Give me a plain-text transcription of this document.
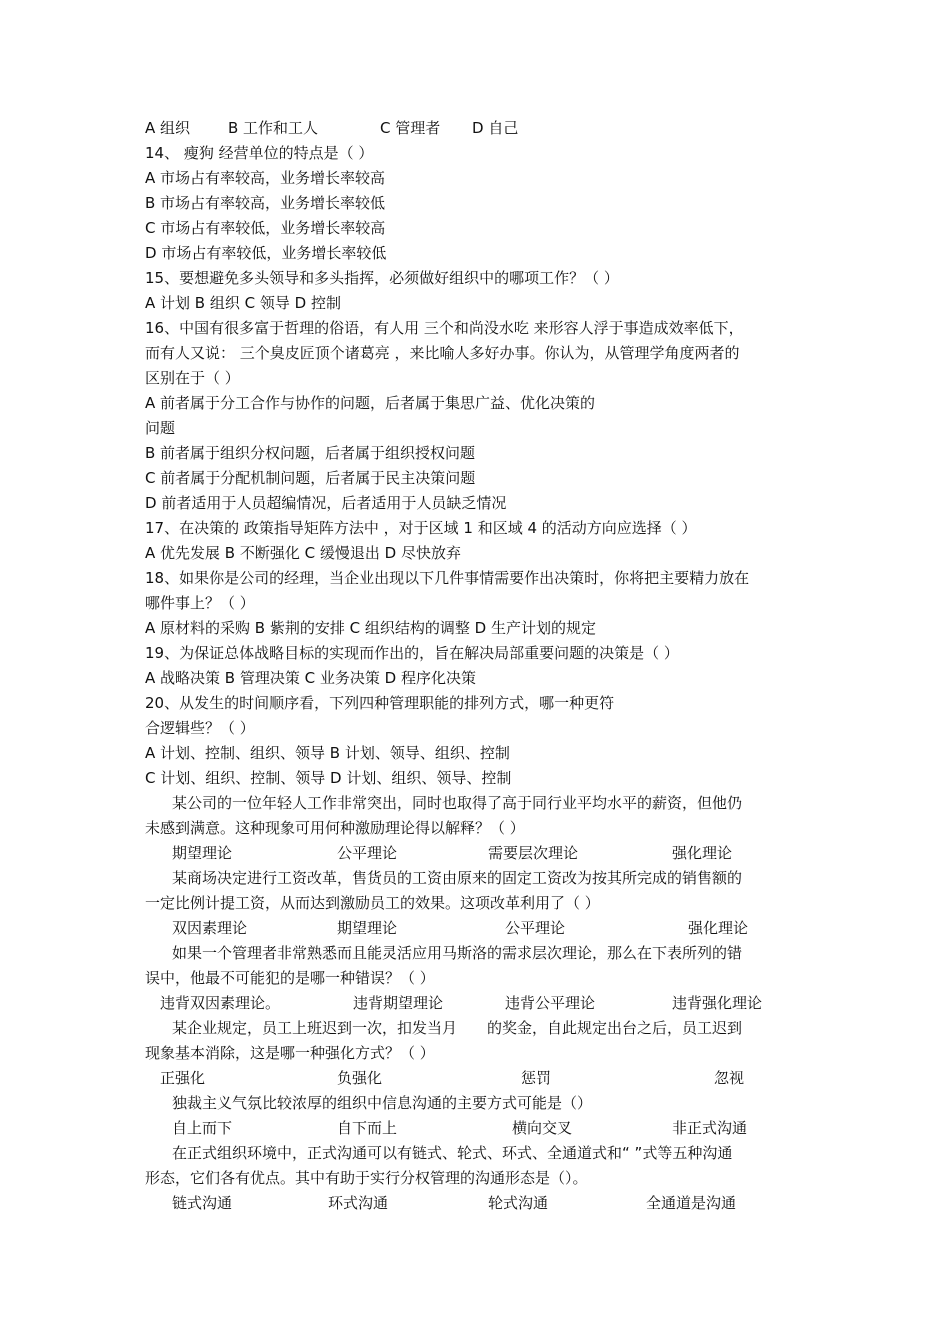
A 组织	B 工作和工人	C 管理者 D 自己
14、 瘦狗 经营单位的特点是（ ）
A 市场占有率较高，业务增长率较高
B 市场占有率较高，业务增长率较低
C 市场占有率较低，业务增长率较高
D 市场占有率较低，业务增长率较低
15、要想避免多头领导和多头指挥，必须做好组织中的哪项工作？（ ）
A 计划 B 组织 C 领导 D 控制
16、中国有很多富于哲理的俗语，有人用 三个和尚没水吃 来形容人浮于事造成效率低下，
而有人又说： 三个臭皮匠顶个诸葛亮 ，来比喻人多好办事。你认为，从管理学角度两者的
区别在于（ ）
A 前者属于分工合作与协作的问题，后者属于集思广益、优化决策的
问题
B 前者属于组织分权问题，后者属于组织授权问题
C 前者属于分配机制问题，后者属于民主决策问题
D 前者适用于人员超编情况，后者适用于人员缺乏情况
17、在决策的 政策指导矩阵方法中 ，对于区域 1 和区域 4 的活动方向应选择（ ）
A 优先发展 B 不断强化 C 缓慢退出 D 尽快放弃
18、如果你是公司的经理，当企业出现以下几件事情需要作出决策时，你将把主要精力放在
哪件事上？（ ）
A 原材料的采购 B 紫荆的安排 C 组织结构的调整 D 生产计划的规定
19、为保证总体战略目标的实现而作出的，旨在解决局部重要问题的决策是（ ）
A 战略决策 B 管理决策 C 业务决策 D 程序化决策
20、从发生的时间顺序看，下列四种管理职能的排列方式，哪一种更符
合逻辑些？（ ）
A 计划、控制、组织、领导 B 计划、领导、组织、控制
C 计划、组织、控制、领导 D 计划、组织、领导、控制
某公司的一位年轻人工作非常突出，同时也取得了高于同行业平均水平的薪资，但他仍
未感到满意。这种现象可用何种激励理论得以解释？（ ）
期望理论	公平理论	需要层次理论	强化理论
某商场决定进行工资改革，售货员的工资由原来的固定工资改为按其所完成的销售额的
一定比例计提工资，从而达到激励员工的效果。这项改革利用了（ ）
双因素理论	期望理论	公平理论	强化理论
如果一个管理者非常熟悉而且能灵活应用马斯洛的需求层次理论，那么在下表所列的错
误中，他最不可能犯的是哪一种错误？（ ）
违背双因素理论。	违背期望理论	违背公平理论	违背强化理论
某企业规定，员工上班迟到一次，扣发当月　　的奖金，自此规定出台之后，员工迟到
现象基本消除，这是哪一种强化方式？（ ）
正强化	负强化	惩罚	忽视
独裁主义气氛比较浓厚的组织中信息沟通的主要方式可能是（）
自上而下	自下而上	横向交叉	非正式沟通
在正式组织环境中，正式沟通可以有链式、轮式、环式、全通道式和“ ”式等五种沟通
形态，它们各有优点。其中有助于实行分权管理的沟通形态是（）。
链式沟通	环式沟通	轮式沟通	全通道是沟通
